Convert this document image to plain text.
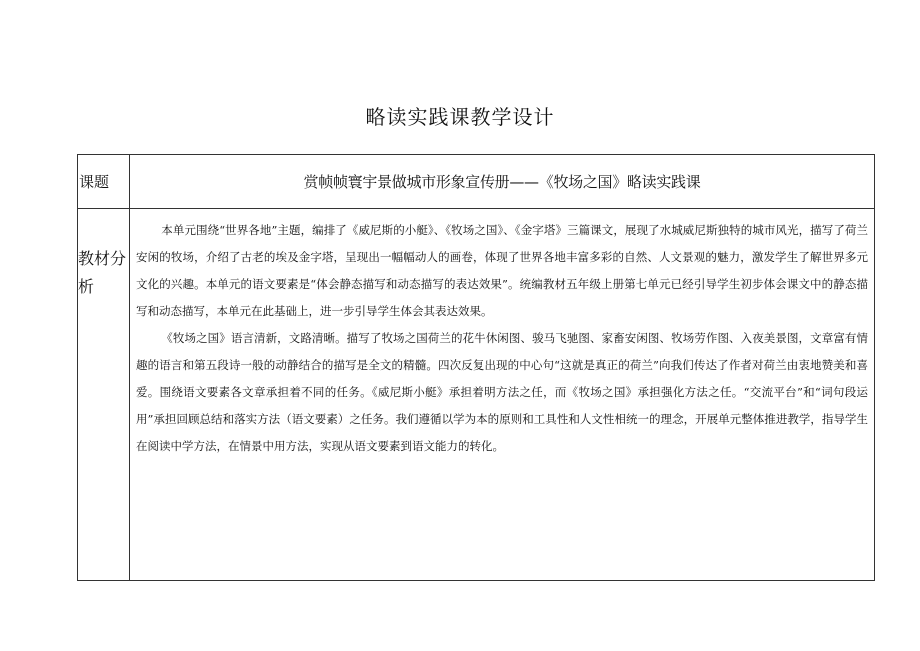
略读实践课教学设计
课题	赏帧帧寰宇景做城市形象宣传册——《牧场之国》略读实践课
教材分析	本单元围绕“世界各地”主题，编排了《威尼斯的小艇》、《牧场之国》、《金字塔》三篇课文，展现了水城威尼斯独特的城市风光，描写了荷兰安闲的牧场，介绍了古老的埃及金字塔，呈现出一幅幅动人的画卷，体现了世界各地丰富多彩的自然、人文景观的魅力，激发学生了解世界多元文化的兴趣。本单元的语文要素是“体会静态描写和动态描写的表达效果”。统编教材五年级上册第七单元已经引导学生初步体会课文中的静态描写和动态描写，本单元在此基础上，进一步引导学生体会其表达效果。

《牧场之国》语言清新，文路清晰。描写了牧场之国荷兰的花牛休闲图、骏马飞驰图、家畜安闲图、牧场劳作图、入夜美景图，文章富有情趣的语言和第五段诗一般的动静结合的描写是全文的精髓。四次反复出现的中心句“这就是真正的荷兰”向我们传达了作者对荷兰由衷地赞美和喜爱。围绕语文要素各文章承担着不同的任务。《威尼斯小艇》承担着明方法之任，而《牧场之国》承担强化方法之任。“交流平台”和“词句段运用”承担回顾总结和落实方法（语文要素）之任务。我们遵循以学为本的原则和工具性和人文性相统一的理念，开展单元整体推进教学，指导学生在阅读中学方法，在情景中用方法，实现从语文要素到语文能力的转化。
